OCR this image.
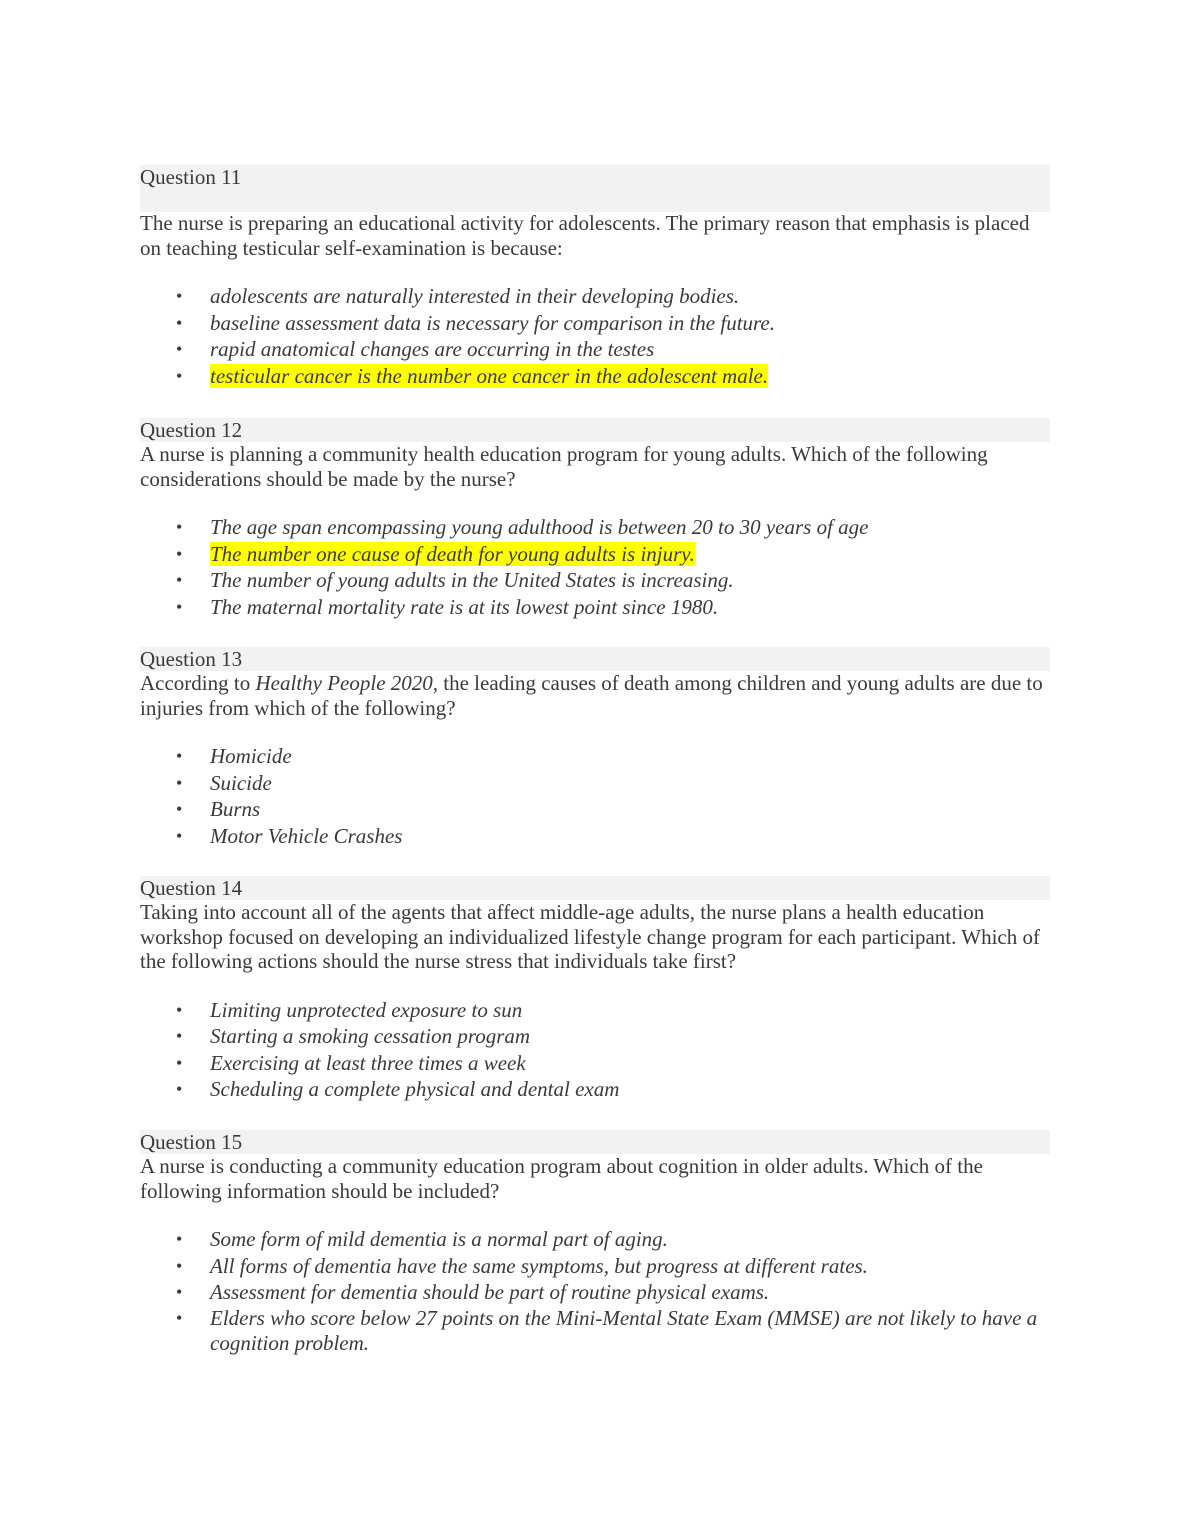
Question 11

The nurse is preparing an educational activity for adolescents. The primary reason that emphasis is placed on teaching testicular self-examination is because:

• adolescents are naturally interested in their developing bodies.
• baseline assessment data is necessary for comparison in the future.
• rapid anatomical changes are occurring in the testes
• testicular cancer is the number one cancer in the adolescent male.
Question 12

A nurse is planning a community health education program for young adults. Which of the following considerations should be made by the nurse?

• The age span encompassing young adulthood is between 20 to 30 years of age
• The number one cause of death for young adults is injury.
• The number of young adults in the United States is increasing.
• The maternal mortality rate is at its lowest point since 1980.
Question 13

According to Healthy People 2020, the leading causes of death among children and young adults are due to injuries from which of the following?

• Homicide
• Suicide
• Burns
• Motor Vehicle Crashes
Question 14

Taking into account all of the agents that affect middle-age adults, the nurse plans a health education workshop focused on developing an individualized lifestyle change program for each participant. Which of the following actions should the nurse stress that individuals take first?

• Limiting unprotected exposure to sun
• Starting a smoking cessation program
• Exercising at least three times a week
• Scheduling a complete physical and dental exam
Question 15

A nurse is conducting a community education program about cognition in older adults. Which of the following information should be included?

• Some form of mild dementia is a normal part of aging.
• All forms of dementia have the same symptoms, but progress at different rates.
• Assessment for dementia should be part of routine physical exams.
• Elders who score below 27 points on the Mini-Mental State Exam (MMSE) are not likely to have a cognition problem.
